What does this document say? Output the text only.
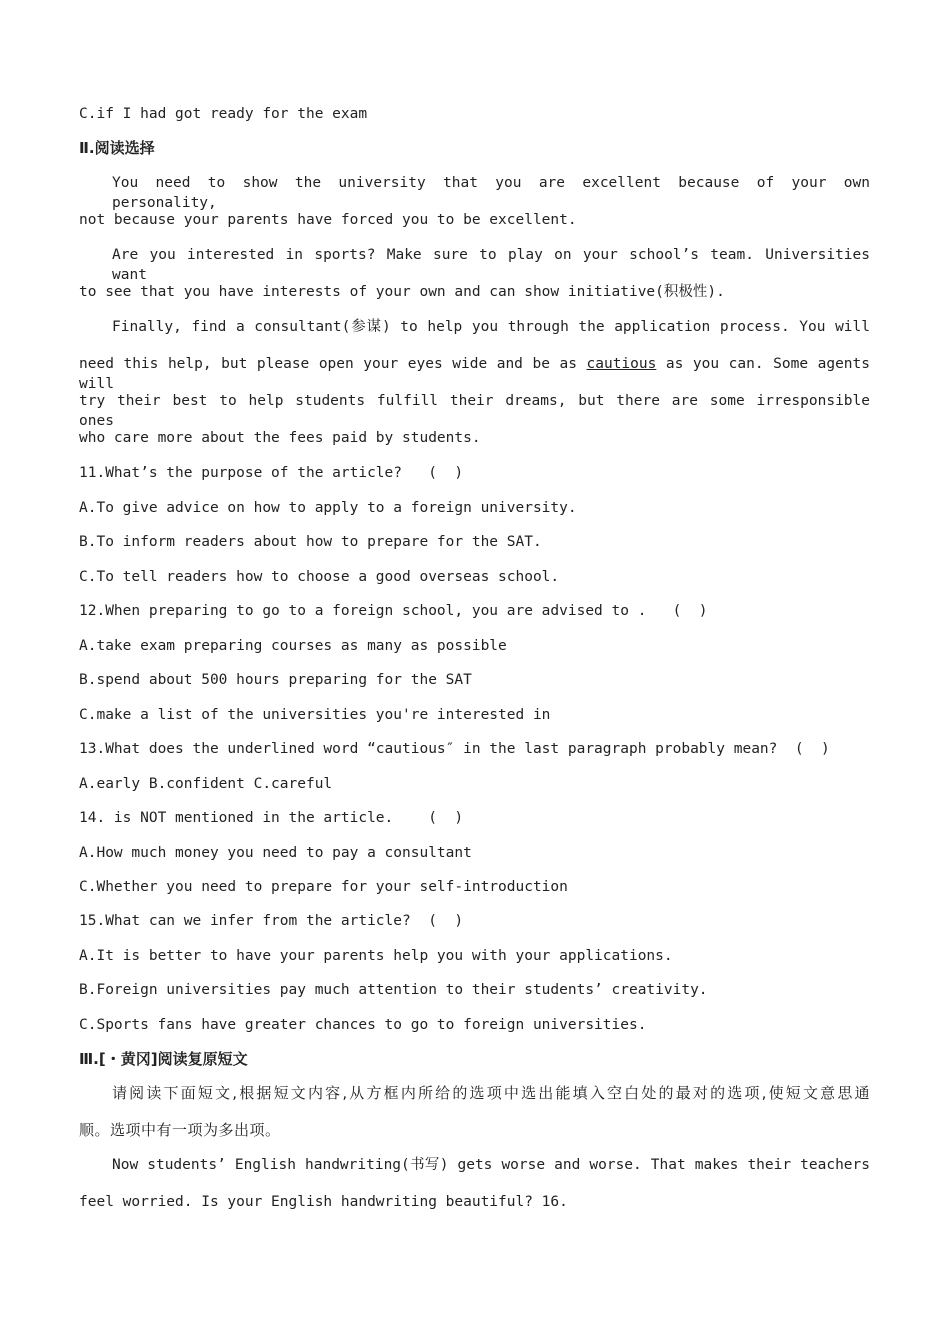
C.if I had got ready for the exam
Ⅱ.阅读选择
You need to show the university that you are excellent because of your own personality,
not because your parents have forced you to be excellent.
Are you interested in sports? Make sure to play on your school’s team. Universities want
to see that you have interests of your own and can show initiative(积极性).
Finally, find a consultant(参谋) to help you through the application process. You will
need this help, but please open your eyes wide and be as cautious as you can. Some agents will
try their best to help students fulfill their dreams, but there are some irresponsible ones
who care more about the fees paid by students.
11.What’s the purpose of the article?   (  )
A.To give advice on how to apply to a foreign university.
B.To inform readers about how to prepare for the SAT.
C.To tell readers how to choose a good overseas school.
12.When preparing to go to a foreign school, you are advised to .   (  )
A.take exam preparing courses as many as possible
B.spend about 500 hours preparing for the SAT
C.make a list of the universities you're interested in
13.What does the underlined word “cautious″ in the last paragraph probably mean?  (  )
A.early B.confident C.careful
14. is NOT mentioned in the article.    (  )
A.How much money you need to pay a consultant
C.Whether you need to prepare for your self-introduction
15.What can we infer from the article?  (  )
A.It is better to have your parents help you with your applications.
B.Foreign universities pay much attention to their students’ creativity.
C.Sports fans have greater chances to go to foreign universities.
Ⅲ.[・黄冈]阅读复原短文
请阅读下面短文,根据短文内容,从方框内所给的选项中选出能填入空白处的最对的选项,使短文意思通
顺。选项中有一项为多出项。
Now students’ English handwriting(书写) gets worse and worse. That makes their teachers
feel worried. Is your English handwriting beautiful? 16.
